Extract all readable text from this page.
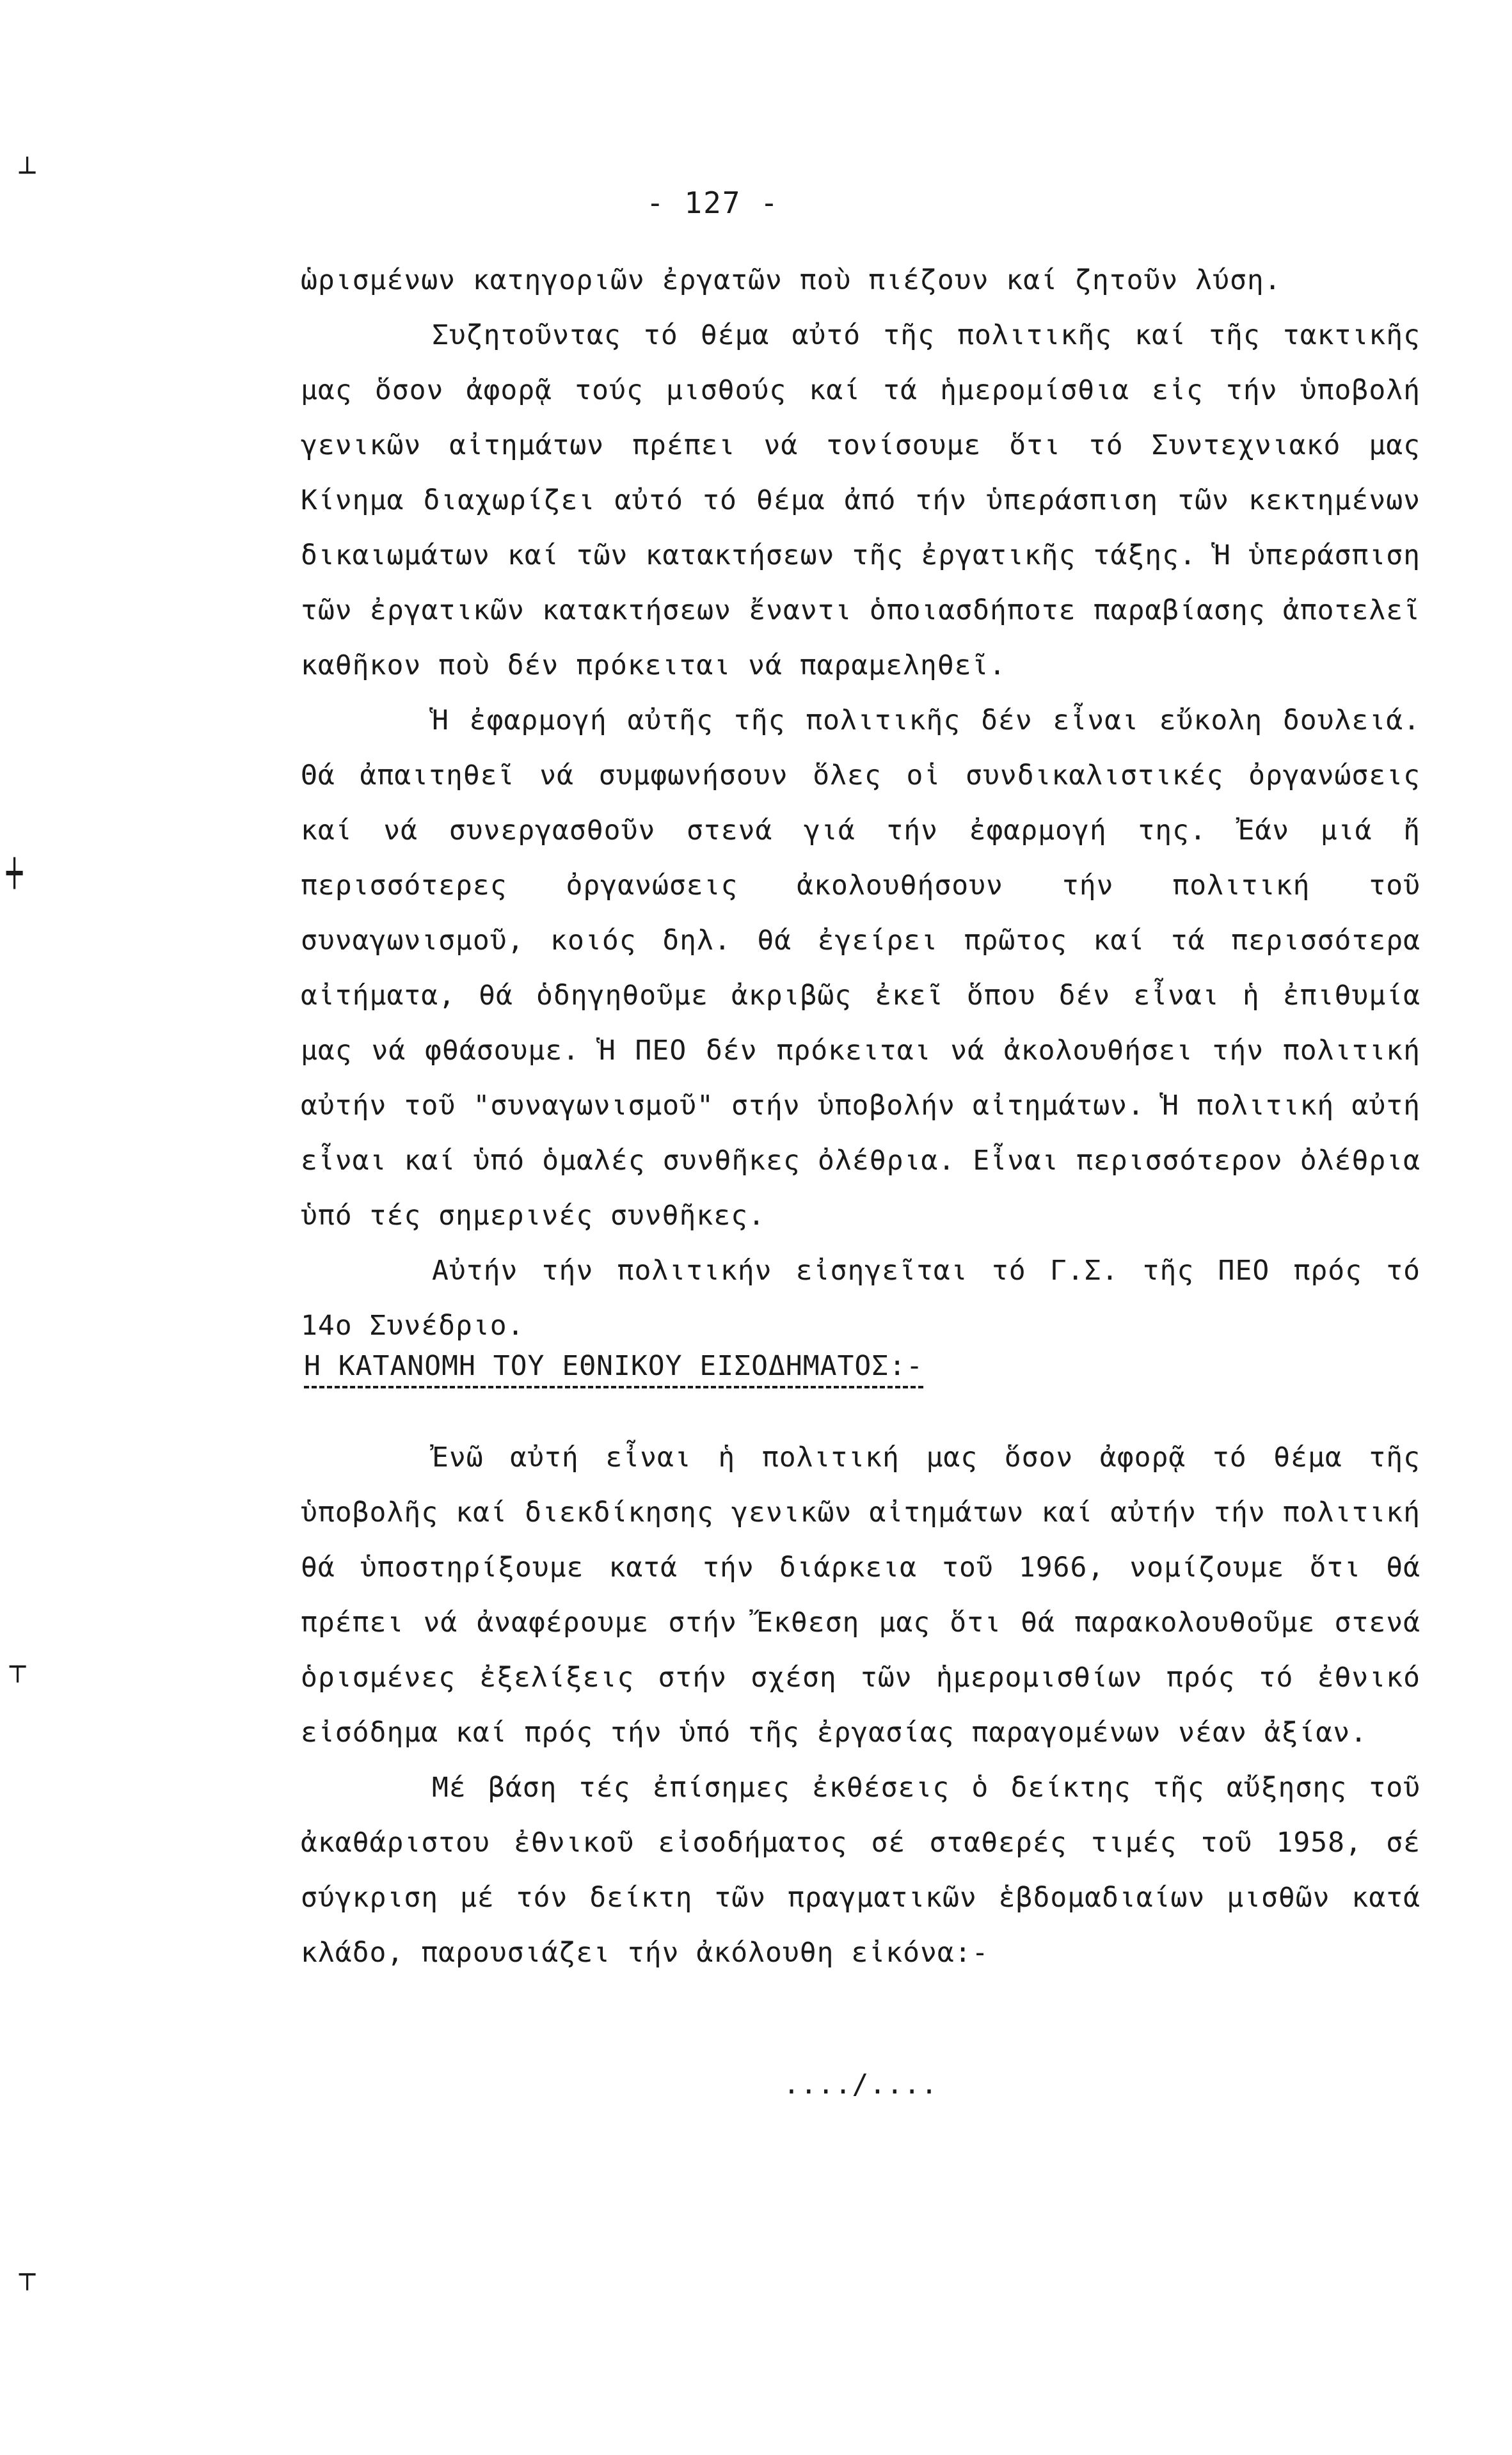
┴
┿
┬
┬
- 127 -

ὡρισμένων κατηγοριῶν ἐργατῶν ποὺ πιέζουν καί ζητοῦν λύση.

Συζητοῦντας τό θέμα αὐτό τῆς πολιτικῆς καί τῆς τακτικῆς μας ὅσον ἀφορᾷ τούς μισθούς καί τά ἡμερομίσθια εἰς τήν ὑποβολή γενικῶν αἰτημάτων πρέπει νά τονίσουμε ὅτι τό Συντεχνιακό μας Κίνημα διαχωρίζει αὐτό τό θέμα ἀπό τήν ὑπεράσπιση τῶν κεκτημένων δικαιωμάτων καί τῶν κατακτήσεων τῆς ἐργατικῆς τάξης. Ἡ ὑπεράσπιση τῶν ἐργατικῶν κατακτήσεων ἔναντι ὁποιασδήποτε παραβίασης ἀποτελεῖ καθῆκον ποὺ δέν πρόκειται νά παραμεληθεῖ.

Ἡ ἐφαρμογή αὐτῆς τῆς πολιτικῆς δέν εἶναι εὔκολη δουλειά. Θά ἀπαιτηθεῖ νά συμφωνήσουν ὅλες οἱ συνδικαλιστικές ὀργανώσεις καί νά συνεργασθοῦν στενά γιά τήν ἐφαρμογή της. Ἐάν μιά ἤ περισσότερες ὀργανώσεις ἀκολουθήσουν τήν πολιτική τοῦ συναγωνισμοῦ, κοιός δηλ. θά ἐγείρει πρῶτος καί τά περισσότερα αἰτήματα, θά ὁδηγηθοῦμε ἀκριβῶς ἐκεῖ ὅπου δέν εἶναι ἡ ἐπιθυμία μας νά φθάσουμε. Ἡ ΠΕΟ δέν πρόκειται νά ἀκολουθήσει τήν πολιτική αὐτήν τοῦ "συναγωνισμοῦ" στήν ὑποβολήν αἰτημάτων. Ἡ πολιτική αὐτή εἶναι καί ὑπό ὁμαλές συνθῆκες ὀλέθρια. Εἶναι περισσότερον ὀλέθρια ὑπό τές σημερινές συνθῆκες.

Αὐτήν τήν πολιτικήν εἰσηγεῖται τό Γ.Σ. τῆς ΠΕΟ πρός τό 14ο Συνέδριο.

Η ΚΑΤΑΝΟΜΗ ΤΟΥ ΕΘΝΙΚΟΥ ΕΙΣΟΔΗΜΑΤΟΣ:-

Ἐνῶ αὐτή εἶναι ἡ πολιτική μας ὅσον ἀφορᾷ τό θέμα τῆς ὑποβολῆς καί διεκδίκησης γενικῶν αἰτημάτων καί αὐτήν τήν πολιτική θά ὑποστηρίξουμε κατά τήν διάρκεια τοῦ 1966, νομίζουμε ὅτι θά πρέπει νά ἀναφέρουμε στήν Ἔκθεση μας ὅτι θά παρακολουθοῦμε στενά ὁρισμένες ἐξελίξεις στήν σχέση τῶν ἡμερομισθίων πρός τό ἐθνικό εἰσόδημα καί πρός τήν ὑπό τῆς ἐργασίας παραγομένων νέαν ἀξίαν.

Μέ βάση τές ἐπίσημες ἐκθέσεις ὁ δείκτης τῆς αὔξησης τοῦ ἀκαθάριστου ἐθνικοῦ εἰσοδήματος σέ σταθερές τιμές τοῦ 1958, σέ σύγκριση μέ τόν δείκτη τῶν πραγματικῶν ἑβδομαδιαίων μισθῶν κατά κλάδο, παρουσιάζει τήν ἀκόλουθη εἰκόνα:-

..../....
